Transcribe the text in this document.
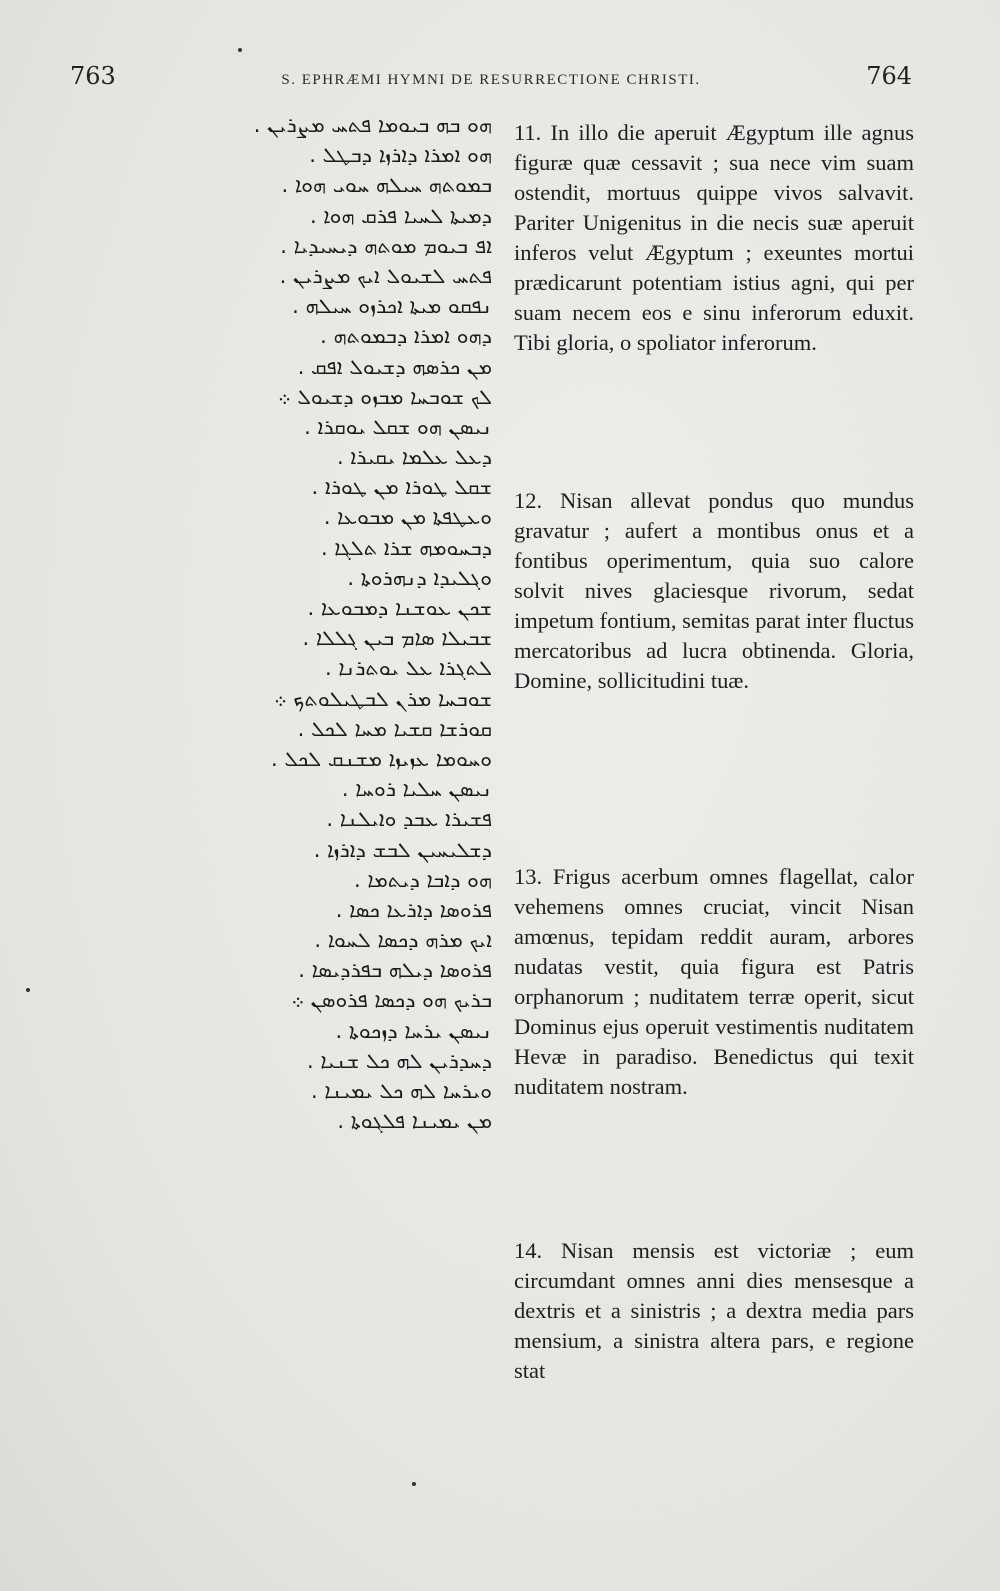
763	S. EPHRÆMI HYMNI DE RESURRECTIONE CHRISTI.	764
ܗܘ ܒܗ ܒܝܘܡܐ ܦܬܚ ܡܨܪܝܢ .
ܗܘ ܐܡܪܐ ܕܐܪܙܐ ܕܒܛܠ .
ܒܡܘܬܗ ܚܝܠܗ ܚܘܝ ܗܘܐ .
ܕܡܝܬܐ ܠܚܝܐ ܦܪܩ ܗܘܐ .
ܐܦ ܒܝܘܡ ܡܘܬܗ ܕܝܚܝܕܝܐ .
ܦܬܚ ܠܫܝܘܠ ܐܝܟ ܡܨܪܝܢ .
ܢܦܩܘ ܡܝܬܐ ܐܟܪܙܘ ܚܝܠܗ .
ܕܗܘ ܐܡܪܐ ܕܒܡܘܬܗ .
ܡܢ ܟܪܣܗ ܕܫܝܘܠ ܐܦܩ .
ܠܟ ܫܘܒܚܐ ܡܒܙܘ ܕܫܝܘܠ ܀
ܢܝܣܢ ܗܘ ܫܩܠ ܝܘܩܪܐ .
ܕܥܠ ܥܠܡܐ ܝܩܝܪܐ .
ܫܩܠ ܛܘܪܐ ܡܢ ܛܘܪܐ .
ܘܥܛܦܬܐ ܡܢ ܡܒܘܥܐ .
ܕܒܚܘܡܗ ܫܪܐ ܬܠܓܐ .
ܘܓܠܝܕܐ ܕܢܗܪܘܬܐ .
ܫܟܢ ܥܘܫܢܐ ܕܡܒܘܥܐ .
ܫܒܝܠܐ ܣܐܡ ܒܝܢ ܓܠܠܐ .
ܠܬܓܪܐ ܥܠ ܝܘܬܪܢܐ .
ܫܘܒܚܐ ܡܪܢ ܠܒܛܝܠܘܬܟ ܀
ܩܘܪܫܐ ܩܫܝܐ ܡܚܐ ܠܟܠ .
ܘܚܘܡܐ ܥܙܝܙܐ ܡܫܢܩ ܠܟܠ .
ܢܝܣܢ ܚܠܝܐ ܪܘܚܐ .
ܦܫܝܪܐ ܥܒܕ ܘܐܝܠܢܐ .
ܕܫܠܝܚܝܢ ܠܒܫ ܕܐܪܙܐ .
ܗܘ ܕܐܒܐ ܕܝܬܡܐ .
ܦܪܘܣܐ ܕܐܪܥܐ ܟܣܐ .
ܐܝܟ ܡܪܗ ܕܟܣܐ ܠܚܘܐ .
ܦܪܘܣܐ ܕܝܠܗ ܒܦܪܕܝܣܐ .
ܒܪܝܟ ܗܘ ܕܟܣܐ ܦܪܘܣܢ ܀
ܢܝܣܢ ܝܪܚܐ ܕܙܟܘܬܐ .
ܕܚܕܪܝܢ ܠܗ ܟܠ ܫܢܝܐ .
ܘܝܪܚܐ ܠܗ ܟܠ ܝܡܝܢܐ .
ܡܢ ܝܡܝܢܐ ܦܠܓܘܬܐ .
11. In illo die aperuit Ægyptum ille agnus figuræ quæ cessavit ; sua nece vim suam ostendit, mortuus quippe vivos salvavit. Pariter Unigenitus in die necis suæ aperuit inferos velut Ægyptum ; exeuntes mortui prædicarunt potentiam istius agni, qui per suam necem eos e sinu inferorum eduxit. Tibi gloria, o spoliator inferorum.
12. Nisan allevat pondus quo mundus gravatur ; aufert a montibus onus et a fontibus operimentum, quia suo calore solvit nives glaciesque rivorum, sedat impetum fontium, semitas parat inter fluctus mercatoribus ad lucra obtinenda. Gloria, Domine, sollicitudini tuæ.
13. Frigus acerbum omnes flagellat, calor vehemens omnes cruciat, vincit Nisan amœnus, tepidam reddit auram, arbores nudatas vestit, quia figura est Patris orphanorum ; nuditatem terræ operit, sicut Dominus ejus operuit vestimentis nuditatem Hevæ in paradiso. Benedictus qui texit nuditatem nostram.
14. Nisan mensis est victoriæ ; eum circumdant omnes anni dies mensesque a dextris et a sinistris ; a dextra media pars mensium, a sinistra altera pars, e regione stat
